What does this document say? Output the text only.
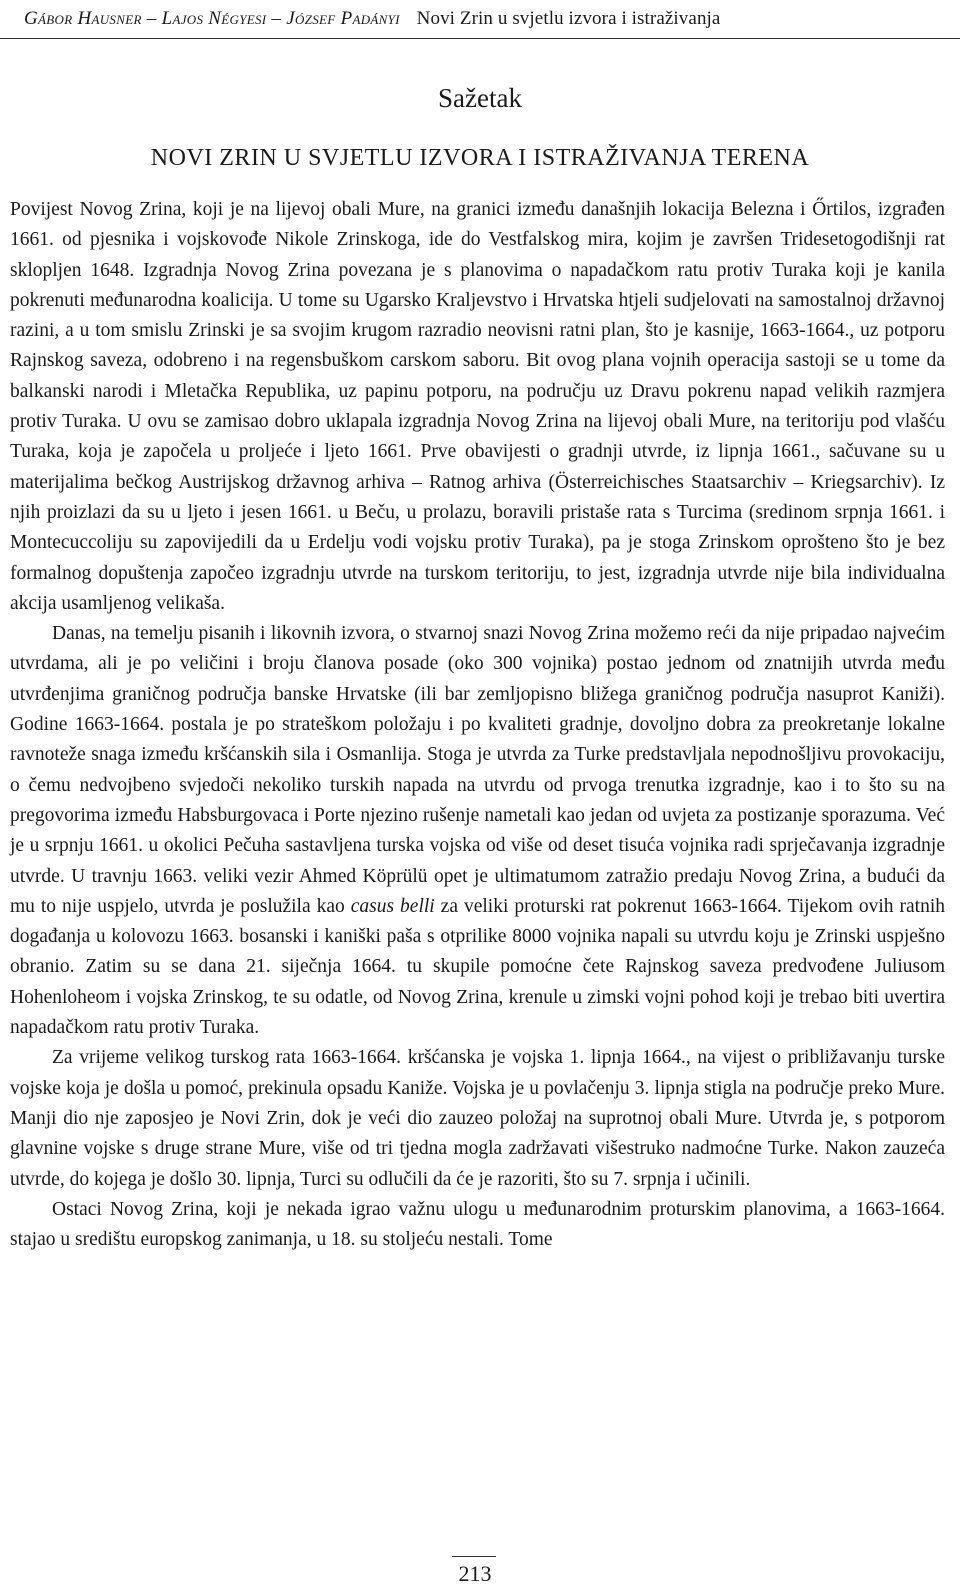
Gábor Hausner – Lajos Négyesi – József Padányi Novi Zrin u svjetlu izvora i istraživanja
Sažetak
NOVI ZRIN U SVJETLU IZVORA I ISTRAŽIVANJA TERENA

Povijest Novog Zrina, koji je na lijevoj obali Mure, na granici između današnjih lokacija Belezna i Őrtilos, izgrađen 1661. od pjesnika i vojskovođe Nikole Zrinskoga, ide do Vestfalskog mira, kojim je završen Tridesetogodišnji rat sklopljen 1648. Izgradnja Novog Zrina povezana je s planovima o napadačkom ratu protiv Turaka koji je kanila pokrenuti međunarodna koalicija. U tome su Ugarsko Kraljevstvo i Hrvatska htjeli sudjelovati na samostalnoj državnoj razini, a u tom smislu Zrinski je sa svojim krugom razradio neovisni ratni plan, što je kasnije, 1663-1664., uz potporu Rajnskog saveza, odobreno i na regensbuškom carskom saboru. Bit ovog plana vojnih operacija sastoji se u tome da balkanski narodi i Mletačka Republika, uz papinu potporu, na području uz Dravu pokrenu napad velikih razmjera protiv Turaka. U ovu se zamisao dobro uklapala izgradnja Novog Zrina na lijevoj obali Mure, na teritoriju pod vlašću Turaka, koja je započela u proljeće i ljeto 1661. Prve obavijesti o gradnji utvrde, iz lipnja 1661., sačuvane su u materijalima bečkog Austrijskog državnog arhiva – Ratnog arhiva (Österreichisches Staatsarchiv – Kriegsarchiv). Iz njih proizlazi da su u ljeto i jesen 1661. u Beču, u prolazu, boravili pristaše rata s Turcima (sredinom srpnja 1661. i Montecuccoliju su zapovijedili da u Erdelju vodi vojsku protiv Turaka), pa je stoga Zrinskom oprošteno što je bez formalnog dopuštenja započeo izgradnju utvrde na turskom teritoriju, to jest, izgradnja utvrde nije bila individualna akcija usamljenog velikaša.

Danas, na temelju pisanih i likovnih izvora, o stvarnoj snazi Novog Zrina možemo reći da nije pripadao najvećim utvrdama, ali je po veličini i broju članova posade (oko 300 vojnika) postao jednom od znatnijih utvrda među utvrđenjima graničnog područja banske Hrvatske (ili bar zemljopisno bližega graničnog područja nasuprot Kaniži). Godine 1663-1664. postala je po strateškom položaju i po kvaliteti gradnje, dovoljno dobra za preokretanje lokalne ravnoteže snaga između kršćanskih sila i Osmanlija. Stoga je utvrda za Turke predstavljala nepodnošljivu provokaciju, o čemu nedvojbeno svjedoči nekoliko turskih napada na utvrdu od prvoga trenutka izgradnje, kao i to što su na pregovorima između Habsburgovaca i Porte njezino rušenje nametali kao jedan od uvjeta za postizanje sporazuma. Već je u srpnju 1661. u okolici Pečuha sastavljena turska vojska od više od deset tisuća vojnika radi sprječavanja izgradnje utvrde. U travnju 1663. veliki vezir Ahmed Köprülü opet je ultimatumom zatražio predaju Novog Zrina, a budući da mu to nije uspjelo, utvrda je poslužila kao casus belli za veliki proturski rat pokrenut 1663-1664. Tijekom ovih ratnih događanja u kolovozu 1663. bosanski i kaniški paša s otprilike 8000 vojnika napali su utvrdu koju je Zrinski uspješno obranio. Zatim su se dana 21. siječnja 1664. tu skupile pomoćne čete Rajnskog saveza predvođene Juliusom Hohenloheom i vojska Zrinskog, te su odatle, od Novog Zrina, krenule u zimski vojni pohod koji je trebao biti uvertira napadačkom ratu protiv Turaka.

Za vrijeme velikog turskog rata 1663-1664. kršćanska je vojska 1. lipnja 1664., na vijest o približavanju turske vojske koja je došla u pomoć, prekinula opsadu Kaniže. Vojska je u povlačenju 3. lipnja stigla na područje preko Mure. Manji dio nje zaposjeo je Novi Zrin, dok je veći dio zauzeo položaj na suprotnoj obali Mure. Utvrda je, s potporom glavnine vojske s druge strane Mure, više od tri tjedna mogla zadržavati višestruko nadmoćne Turke. Nakon zauzeća utvrde, do kojega je došlo 30. lipnja, Turci su odlučili da će je razoriti, što su 7. srpnja i učinili.

Ostaci Novog Zrina, koji je nekada igrao važnu ulogu u međunarodnim proturskim planovima, a 1663-1664. stajao u središtu europskog zanimanja, u 18. su stoljeću nestali. Tome

213
